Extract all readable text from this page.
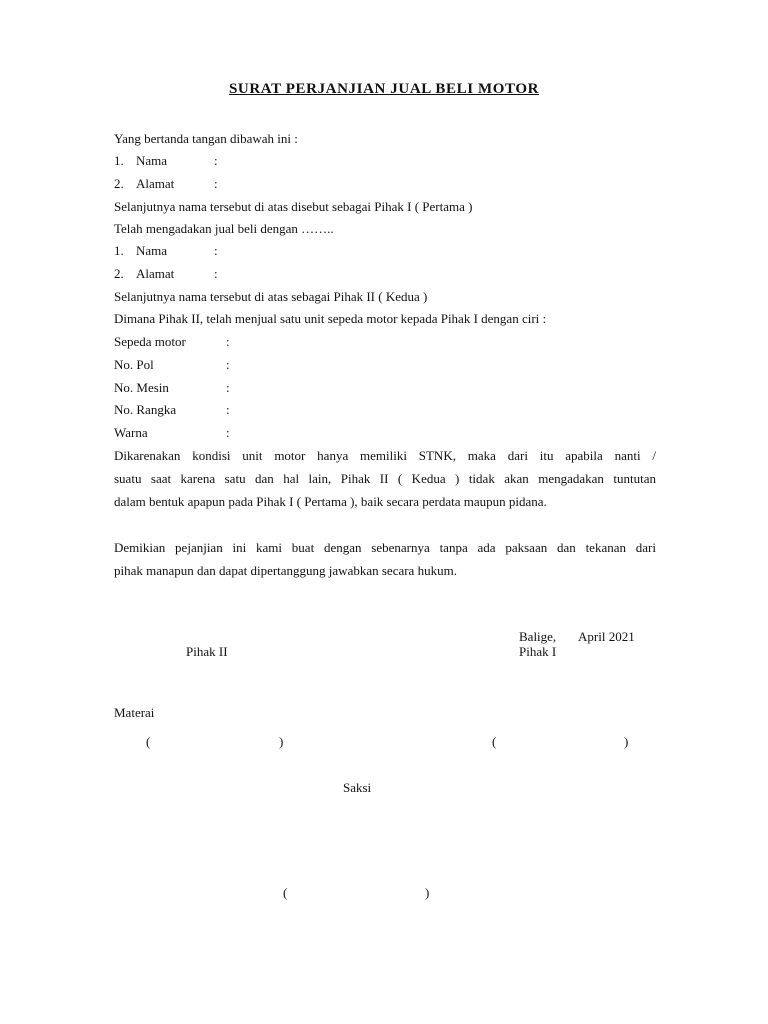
SURAT PERJANJIAN JUAL BELI MOTOR
Yang bertanda tangan dibawah ini :
1. Nama	:
2. Alamat	:
Selanjutnya nama tersebut di atas disebut sebagai Pihak I ( Pertama )
Telah mengadakan jual beli dengan ……..
1. Nama	:
2. Alamat	:
Selanjutnya nama tersebut di atas sebagai Pihak II ( Kedua )
Dimana Pihak II, telah menjual satu unit sepeda motor kepada Pihak I dengan ciri :
Sepeda motor	:
No. Pol	:
No. Mesin	:
No. Rangka	:
Warna	:
Dikarenakan kondisi unit motor hanya memiliki STNK, maka dari itu apabila nanti /
suatu saat karena satu dan hal lain, Pihak II ( Kedua ) tidak akan mengadakan tuntutan
dalam bentuk apapun pada Pihak I ( Pertama ), baik secara perdata maupun pidana.
Demikian pejanjian ini kami buat dengan sebenarnya tanpa ada paksaan dan tekanan dari
pihak manapun dan dapat dipertanggung jawabkan secara hukum.
Balige, April 2021
Pihak II	Pihak I
Materai
(	)	(	)
Saksi
(	)
